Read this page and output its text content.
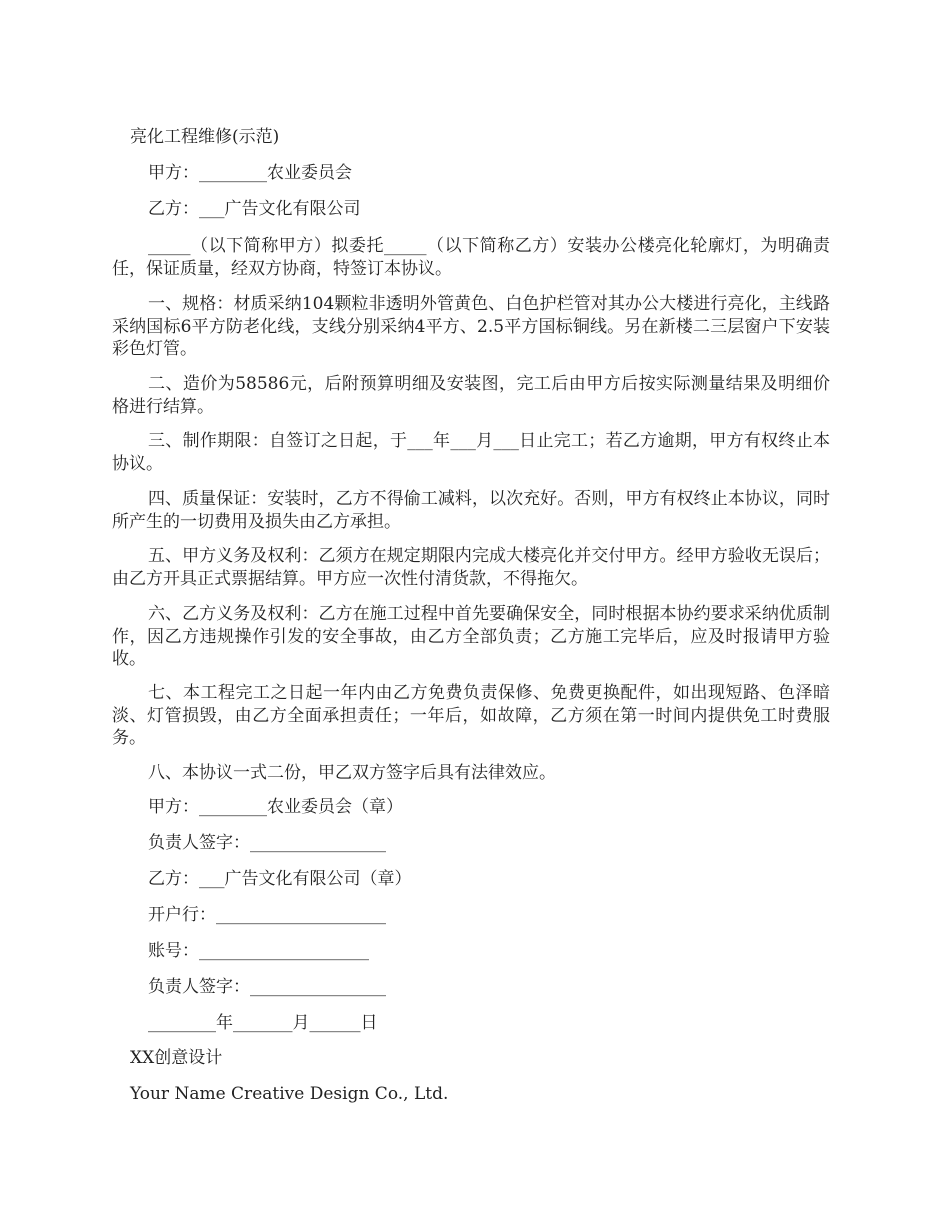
亮化工程维修(示范)

甲方：________农业委员会

乙方：___广告文化有限公司

_____（以下简称甲方）拟委托_____（以下简称乙方）安装办公楼亮化轮廓灯，为明确责任，保证质量，经双方协商，特签订本协议。

一、规格：材质采纳104颗粒非透明外管黄色、白色护栏管对其办公大楼进行亮化，主线路采纳国标6平方防老化线，支线分别采纳4平方、2.5平方国标铜线。另在新楼二三层窗户下安装彩色灯管。

二、造价为58586元，后附预算明细及安装图，完工后由甲方后按实际测量结果及明细价格进行结算。

三、制作期限：自签订之日起，于___年___月___日止完工；若乙方逾期，甲方有权终止本协议。

四、质量保证：安装时，乙方不得偷工减料，以次充好。否则，甲方有权终止本协议，同时所产生的一切费用及损失由乙方承担。

五、甲方义务及权利：乙须方在规定期限内完成大楼亮化并交付甲方。经甲方验收无误后；由乙方开具正式票据结算。甲方应一次性付清货款，不得拖欠。

六、乙方义务及权利：乙方在施工过程中首先要确保安全，同时根据本协约要求采纳优质制作，因乙方违规操作引发的安全事故，由乙方全部负责；乙方施工完毕后，应及时报请甲方验收。

七、本工程完工之日起一年内由乙方免费负责保修、免费更换配件，如出现短路、色泽暗淡、灯管损毁，由乙方全面承担责任；一年后，如故障，乙方须在第一时间内提供免工时费服务。

八、本协议一式二份，甲乙双方签字后具有法律效应。

甲方：________农业委员会（章）

负责人签字：________________

乙方：___广告文化有限公司（章）

开户行：____________________

账号：____________________

负责人签字：________________

________年_______月______日

XX创意设计

Your Name Creative Design Co., Ltd.
